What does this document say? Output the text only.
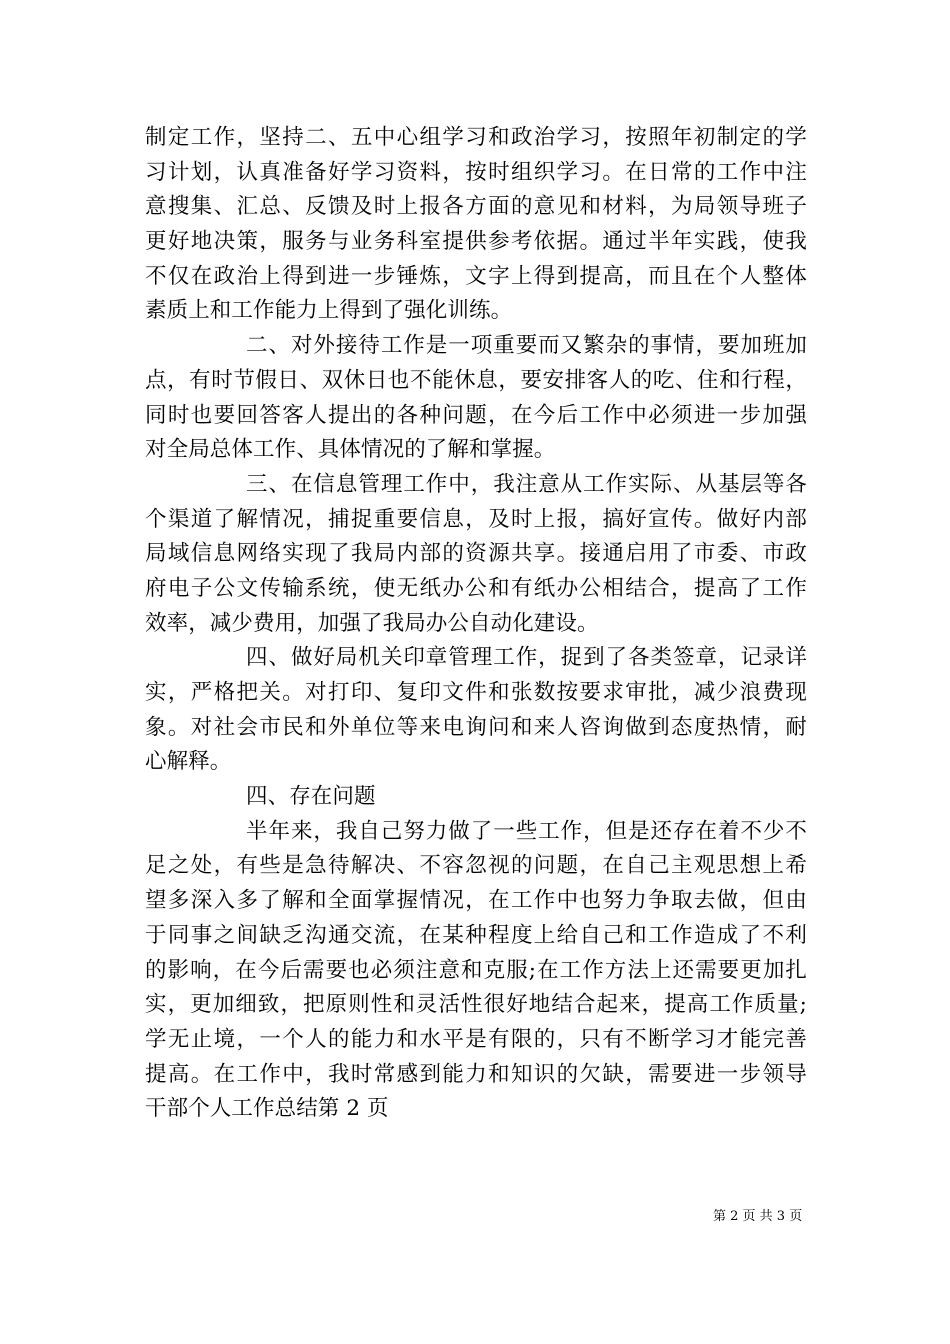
制定工作，坚持二、五中心组学习和政治学习，按照年初制定的学
习计划，认真准备好学习资料，按时组织学习。在日常的工作中注
意搜集、汇总、反馈及时上报各方面的意见和材料，为局领导班子
更好地决策，服务与业务科室提供参考依据。通过半年实践，使我
不仅在政治上得到进一步锤炼，文字上得到提高，而且在个人整体
素质上和工作能力上得到了强化训练。
二、对外接待工作是一项重要而又繁杂的事情，要加班加
点，有时节假日、双休日也不能休息，要安排客人的吃、住和行程，
同时也要回答客人提出的各种问题，在今后工作中必须进一步加强
对全局总体工作、具体情况的了解和掌握。
三、在信息管理工作中，我注意从工作实际、从基层等各
个渠道了解情况，捕捉重要信息，及时上报，搞好宣传。做好内部
局域信息网络实现了我局内部的资源共享。接通启用了市委、市政
府电子公文传输系统，使无纸办公和有纸办公相结合，提高了工作
效率，减少费用，加强了我局办公自动化建设。
四、做好局机关印章管理工作，捉到了各类签章，记录详
实，严格把关。对打印、复印文件和张数按要求审批，减少浪费现
象。对社会市民和外单位等来电询问和来人咨询做到态度热情，耐
心解释。
四、存在问题
半年来，我自己努力做了一些工作，但是还存在着不少不
足之处，有些是急待解决、不容忽视的问题，在自己主观思想上希
望多深入多了解和全面掌握情况，在工作中也努力争取去做，但由
于同事之间缺乏沟通交流，在某种程度上给自己和工作造成了不利
的影响，在今后需要也必须注意和克服;在工作方法上还需要更加扎
实，更加细致，把原则性和灵活性很好地结合起来，提高工作质量;
学无止境，一个人的能力和水平是有限的，只有不断学习才能完善
提高。在工作中，我时常感到能力和知识的欠缺，需要进一步领导
干部个人工作总结第 2 页
第 2 页 共 3 页
